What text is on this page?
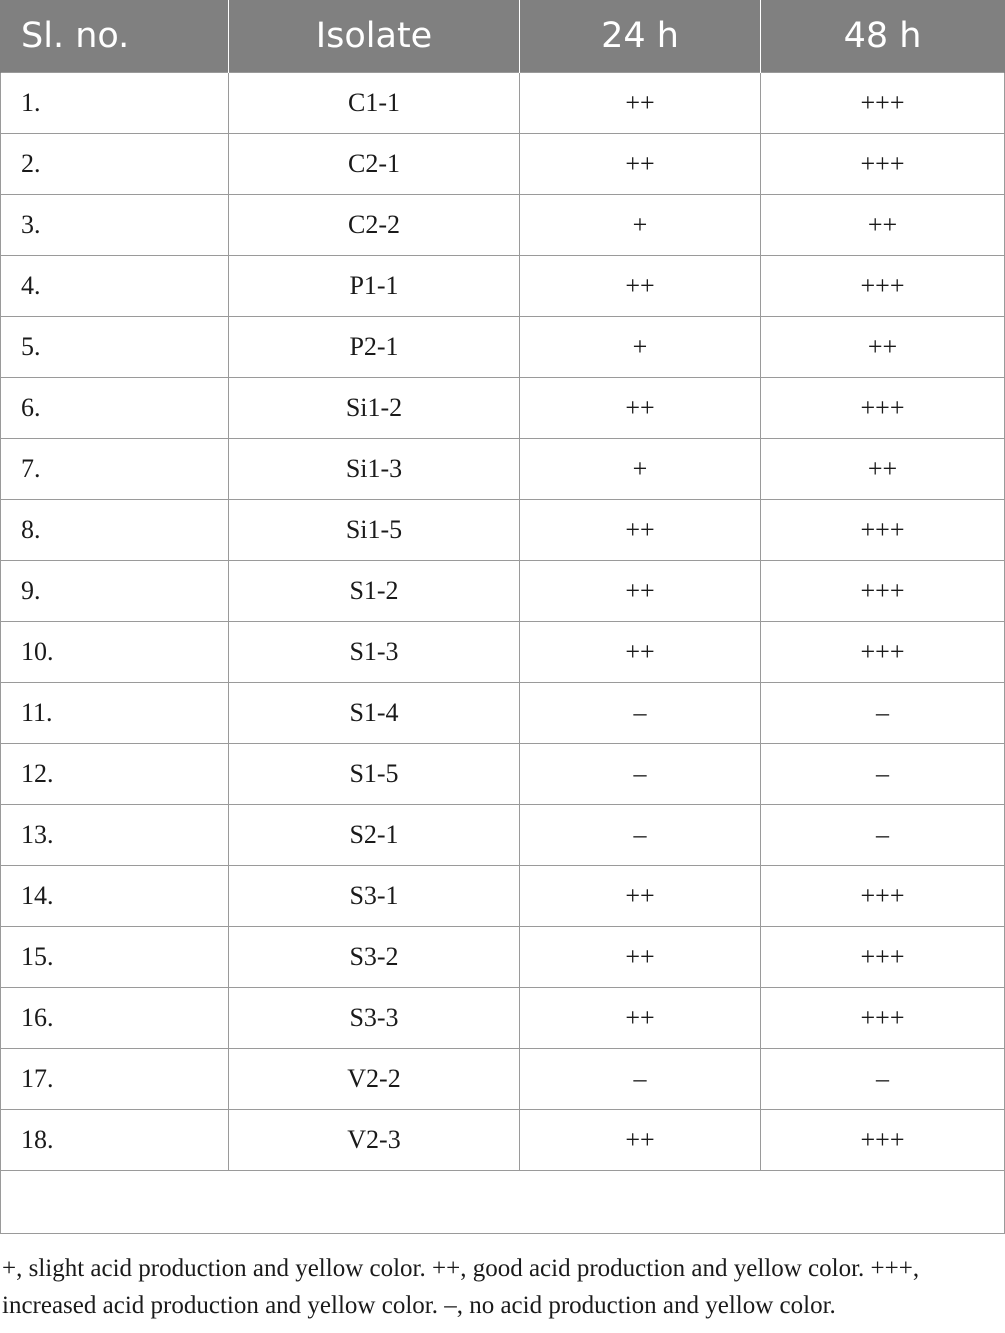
Sl. no.	Isolate	24 h	48 h
1.	C1-1	++	+++
2.	C2-1	++	+++
3.	C2-2	+	++
4.	P1-1	++	+++
5.	P2-1	+	++
6.	Si1-2	++	+++
7.	Si1-3	+	++
8.	Si1-5	++	+++
9.	S1-2	++	+++
10.	S1-3	++	+++
11.	S1-4	–	–
12.	S1-5	–	–
13.	S2-1	–	–
14.	S3-1	++	+++
15.	S3-2	++	+++
16.	S3-3	++	+++
17.	V2-2	–	–
18.	V2-3	++	+++

+, slight acid production and yellow color. ++, good acid production and yellow color. +++, increased acid production and yellow color. –, no acid production and yellow color.
